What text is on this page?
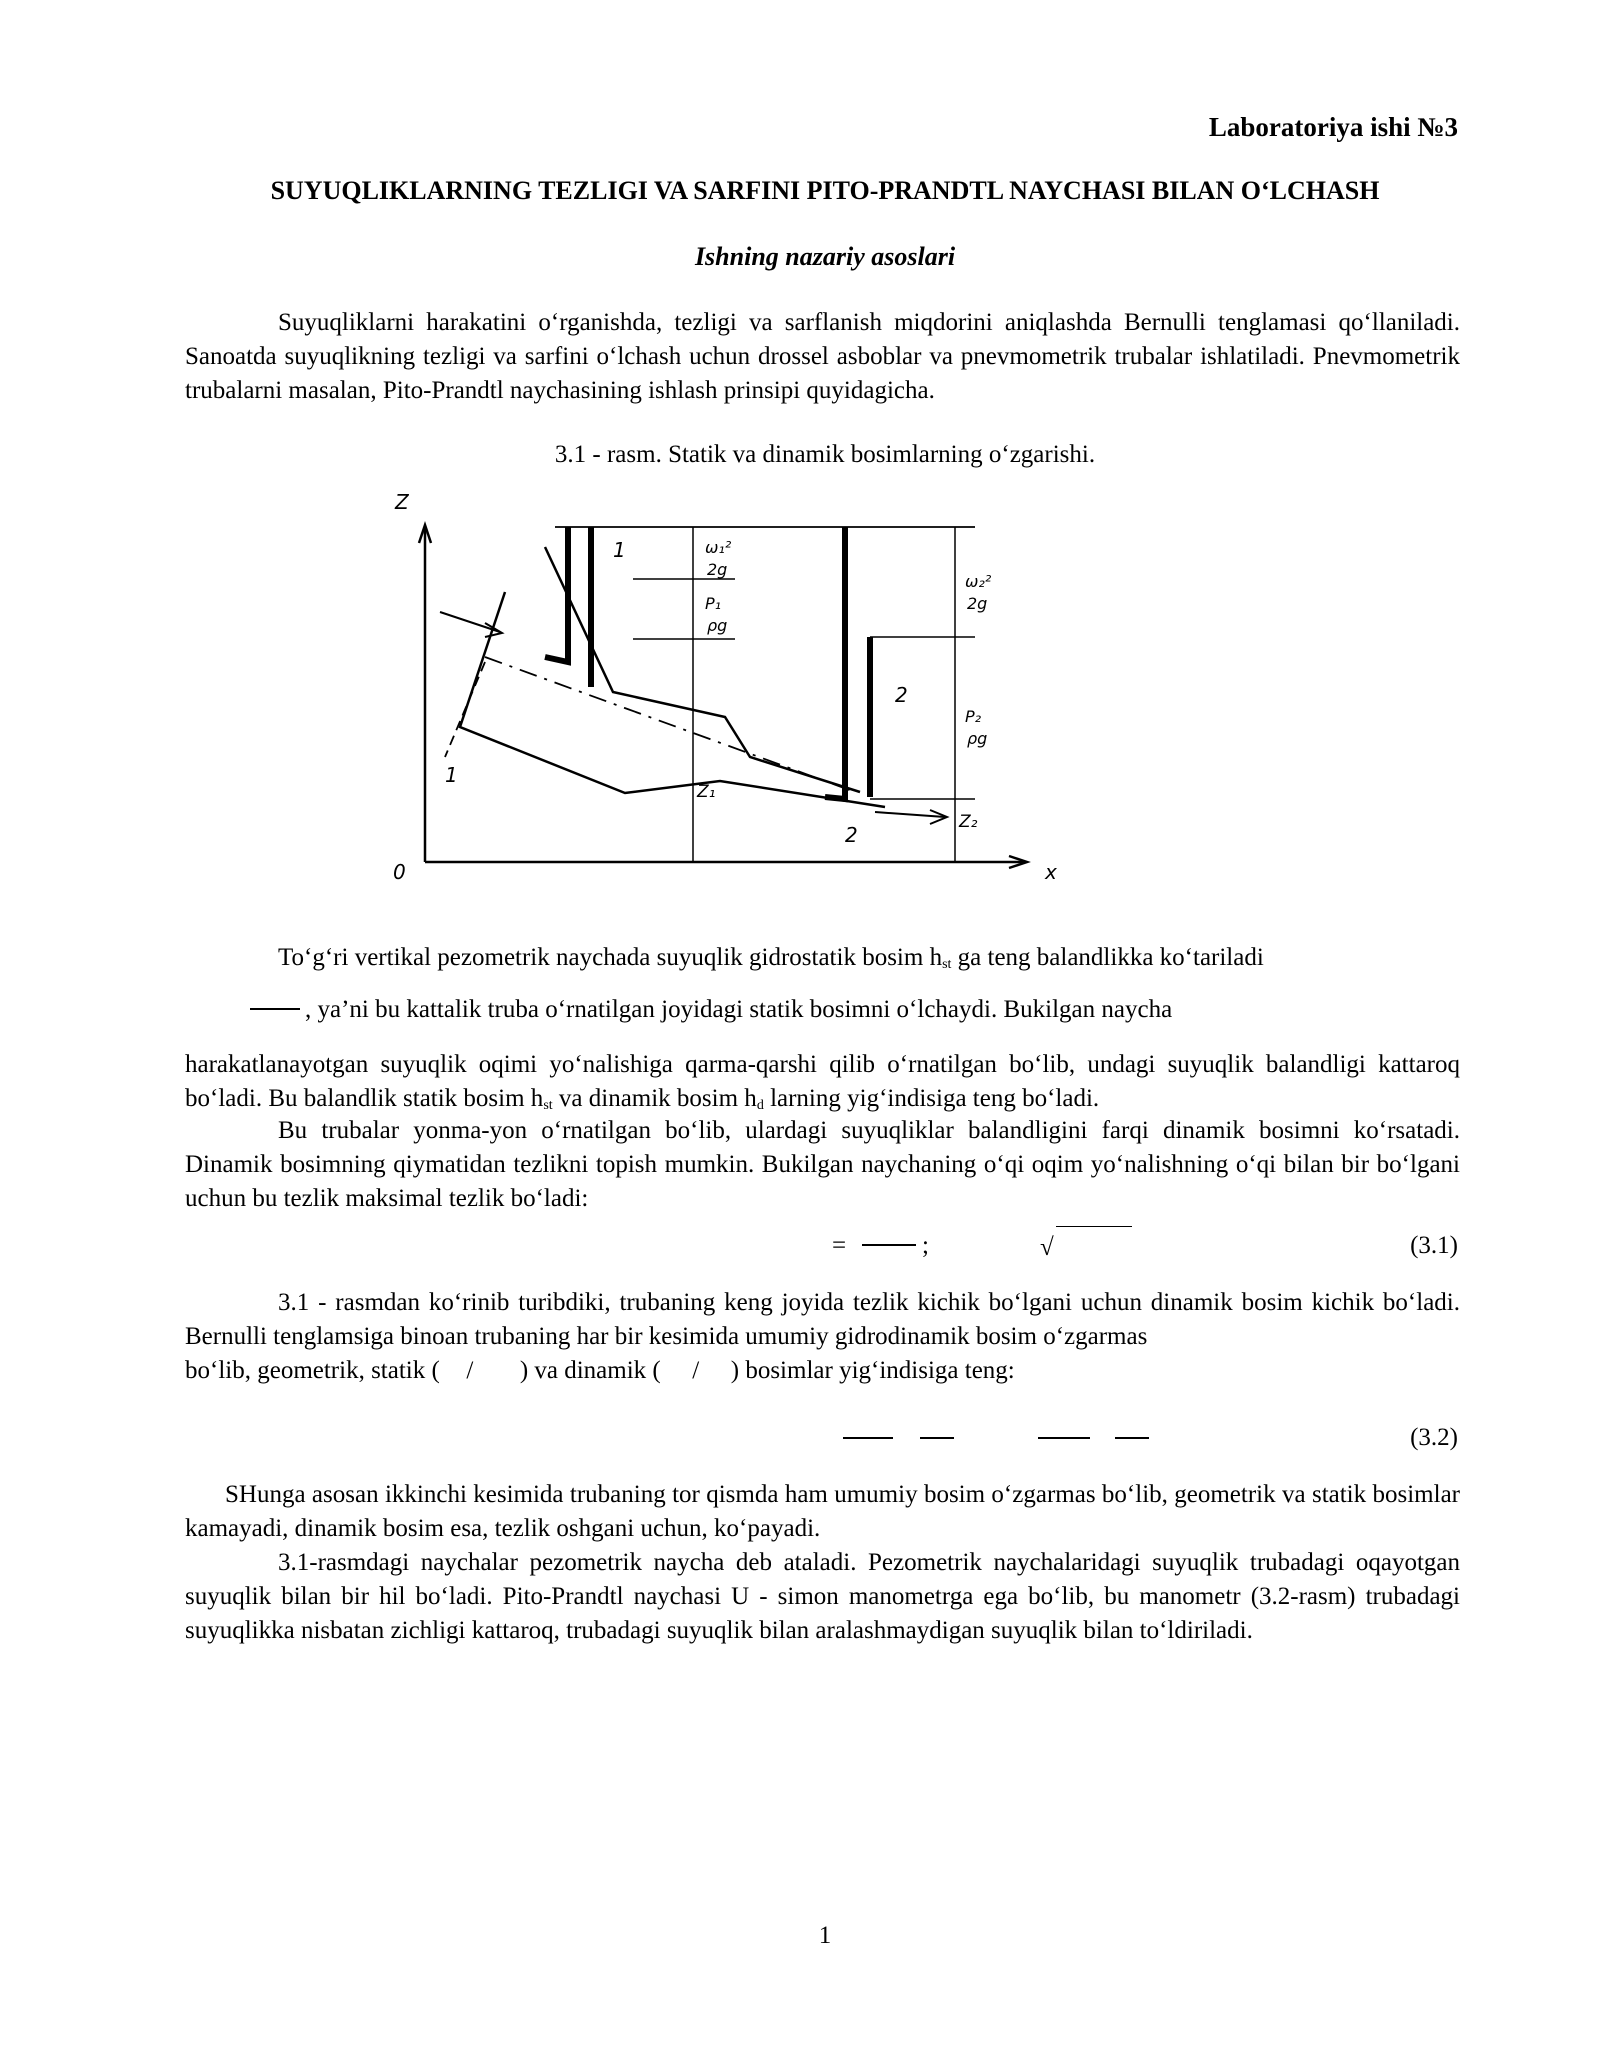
Laboratoriya ishi №3
SUYUQLIKLARNING TEZLIGI VA SARFINI PITO-PRANDTL NAYCHASI BILAN O‘LCHASH
Ishning nazariy asoslari
Suyuqliklarni harakatini o‘rganishda, tezligi va sarflanish miqdorini aniqlashda Bernulli tenglamasi qo‘llaniladi. Sanoatda suyuqlikning tezligi va sarfini o‘lchash uchun drossel asboblar va pnevmometrik trubalar ishlatiladi. Pnevmometrik trubalarni masalan, Pito-Prandtl naychasining ishlash prinsipi quyidagicha.
3.1 - rasm. Statik va dinamik bosimlarning o‘zgarishi.
Z
0	x
1
1
2
2
Z₁
Z₂
ω₁²
2g
P₁
ρg
ω₂²
2g
P₂
ρg
To‘g‘ri vertikal pezometrik naychada suyuqlik gidrostatik bosim $h_{st}$ ga teng balandlikka ko‘tariladi
, ya’ni bu kattalik truba o‘rnatilgan joyidagi statik bosimni o‘lchaydi. Bukilgan naycha
harakatlanayotgan suyuqlik oqimi yo‘nalishiga qarma-qarshi qilib o‘rnatilgan bo‘lib, undagi suyuqlik balandligi kattaroq bo‘ladi. Bu balandlik statik bosim $h_{st}$ va dinamik bosim $h_d$ larning yig‘indisiga teng bo‘ladi.
Bu trubalar yonma-yon o‘rnatilgan bo‘lib, ulardagi suyuqliklar balandligini farqi dinamik bosimni ko‘rsatadi. Dinamik bosimning qiymatidan tezlikni topish mumkin. Bukilgan naychaning o‘qi oqim yo‘nalishning o‘qi bilan bir bo‘lgani uchun bu tezlik maksimal tezlik bo‘ladi:
=	;	√	(3.1)
3.1 - rasmdan ko‘rinib turibdiki, trubaning keng joyida tezlik kichik bo‘lgani uchun dinamik bosim kichik bo‘ladi. Bernulli tenglamsiga binoan trubaning har bir kesimida umumiy gidrodinamik bosim o‘zgarmas
bo‘lib, geometrik, statik ( / ) va dinamik ( / ) bosimlar yig‘indisiga teng:
(3.2)
SHunga asosan ikkinchi kesimida trubaning tor qismda ham umumiy bosim o‘zgarmas bo‘lib, geometrik va statik bosimlar kamayadi, dinamik bosim esa, tezlik oshgani uchun, ko‘payadi.
3.1-rasmdagi naychalar pezometrik naycha deb ataladi. Pezometrik naychalaridagi suyuqlik trubadagi oqayotgan suyuqlik bilan bir hil bo‘ladi. Pito-Prandtl naychasi U - simon manometrga ega bo‘lib, bu manometr (3.2-rasm) trubadagi suyuqlikka nisbatan zichligi kattaroq, trubadagi suyuqlik bilan aralashmaydigan suyuqlik bilan to‘ldiriladi.
1
